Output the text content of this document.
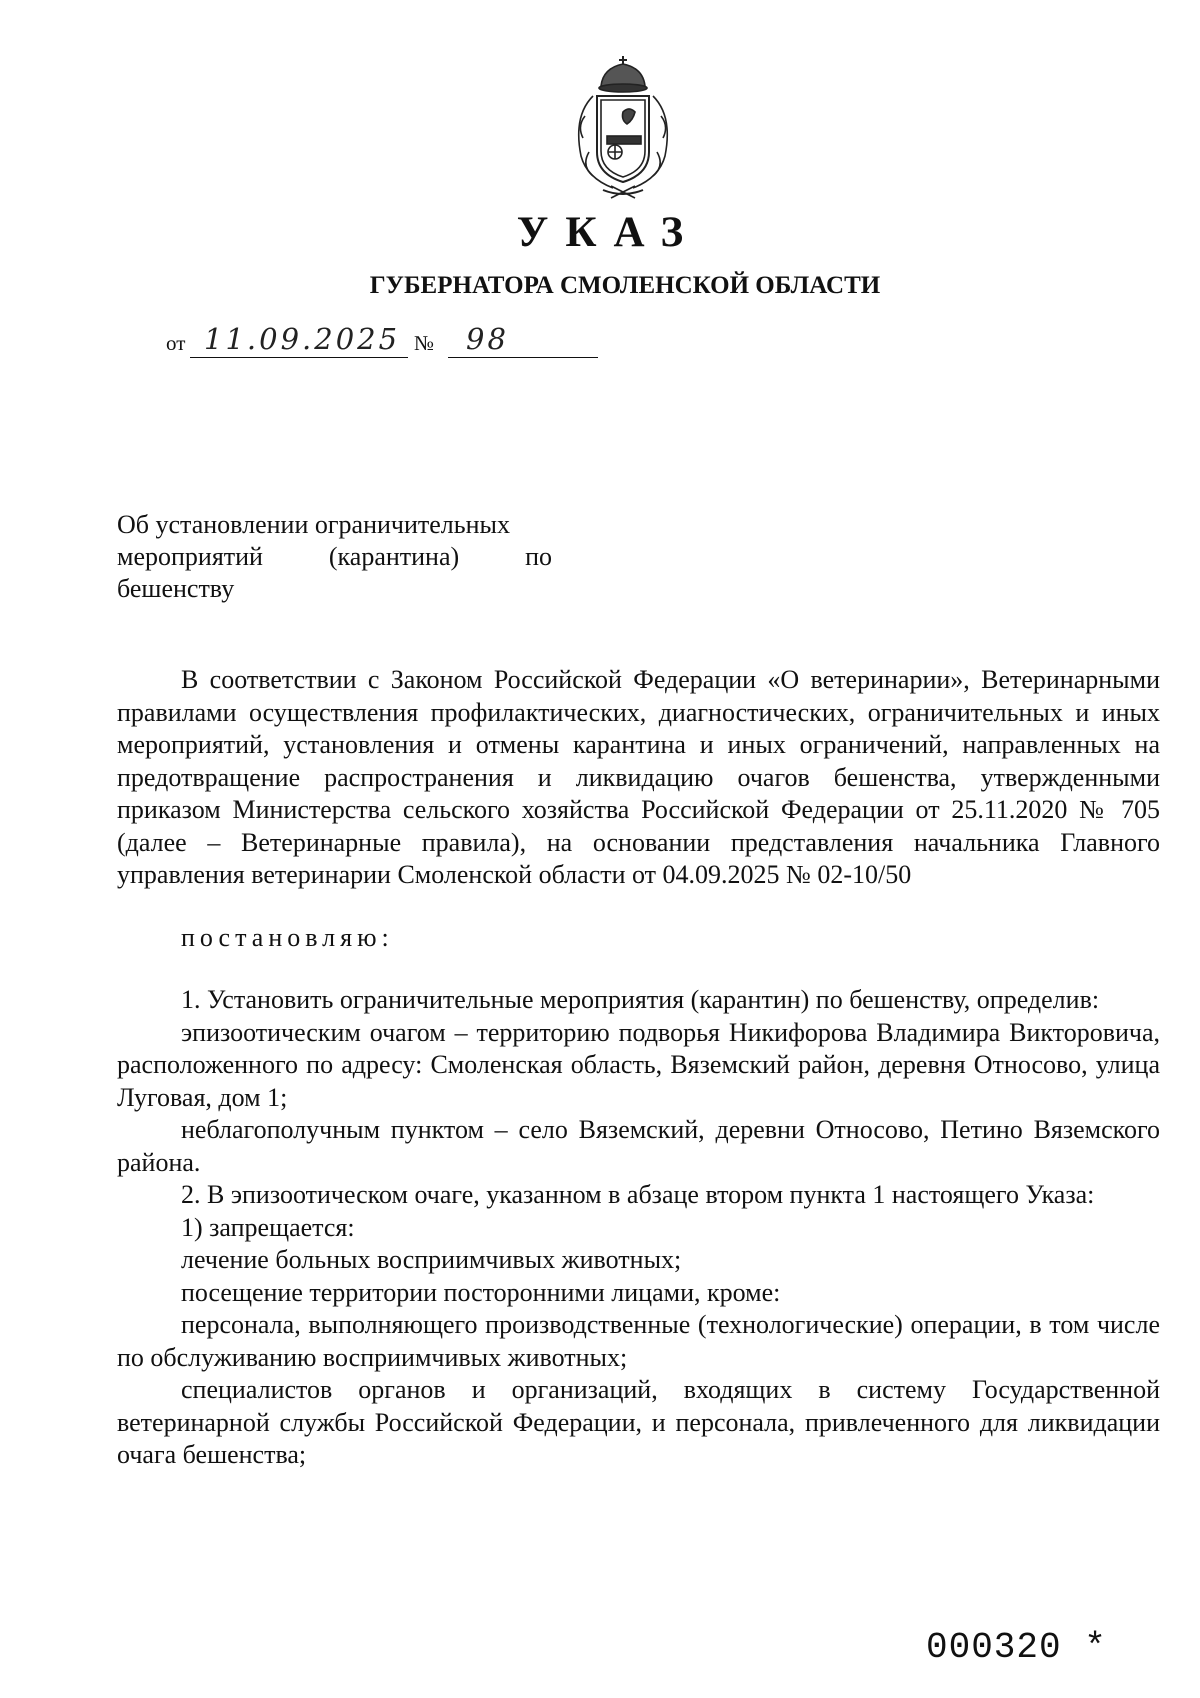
УКАЗ
ГУБЕРНАТОРА СМОЛЕНСКОЙ ОБЛАСТИ
от 11.09.2025 № 98
Об установлении ограничительных
мероприятий (карантина) по
бешенству

В соответствии с Законом Российской Федерации «О ветеринарии», Ветеринарными правилами осуществления профилактических, диагностических, ограничительных и иных мероприятий, установления и отмены карантина и иных ограничений, направленных на предотвращение распространения и ликвидацию очагов бешенства, утвержденными приказом Министерства сельского хозяйства Российской Федерации от 25.11.2020 № 705 (далее – Ветеринарные правила), на основании представления начальника Главного управления ветеринарии Смоленской области от 04.09.2025 № 02-10/50

постановляю:

1. Установить ограничительные мероприятия (карантин) по бешенству, определив:

эпизоотическим очагом – территорию подворья Никифорова Владимира Викторовича, расположенного по адресу: Смоленская область, Вяземский район, деревня Относово, улица Луговая, дом 1;

неблагополучным пунктом – село Вяземский, деревни Относово, Петино Вяземского района.

2. В эпизоотическом очаге, указанном в абзаце втором пункта 1 настоящего Указа:

1) запрещается:

лечение больных восприимчивых животных;

посещение территории посторонними лицами, кроме:

персонала, выполняющего производственные (технологические) операции, в том числе по обслуживанию восприимчивых животных;

специалистов органов и организаций, входящих в систему Государственной ветеринарной службы Российской Федерации, и персонала, привлеченного для ликвидации очага бешенства;

000320 *
